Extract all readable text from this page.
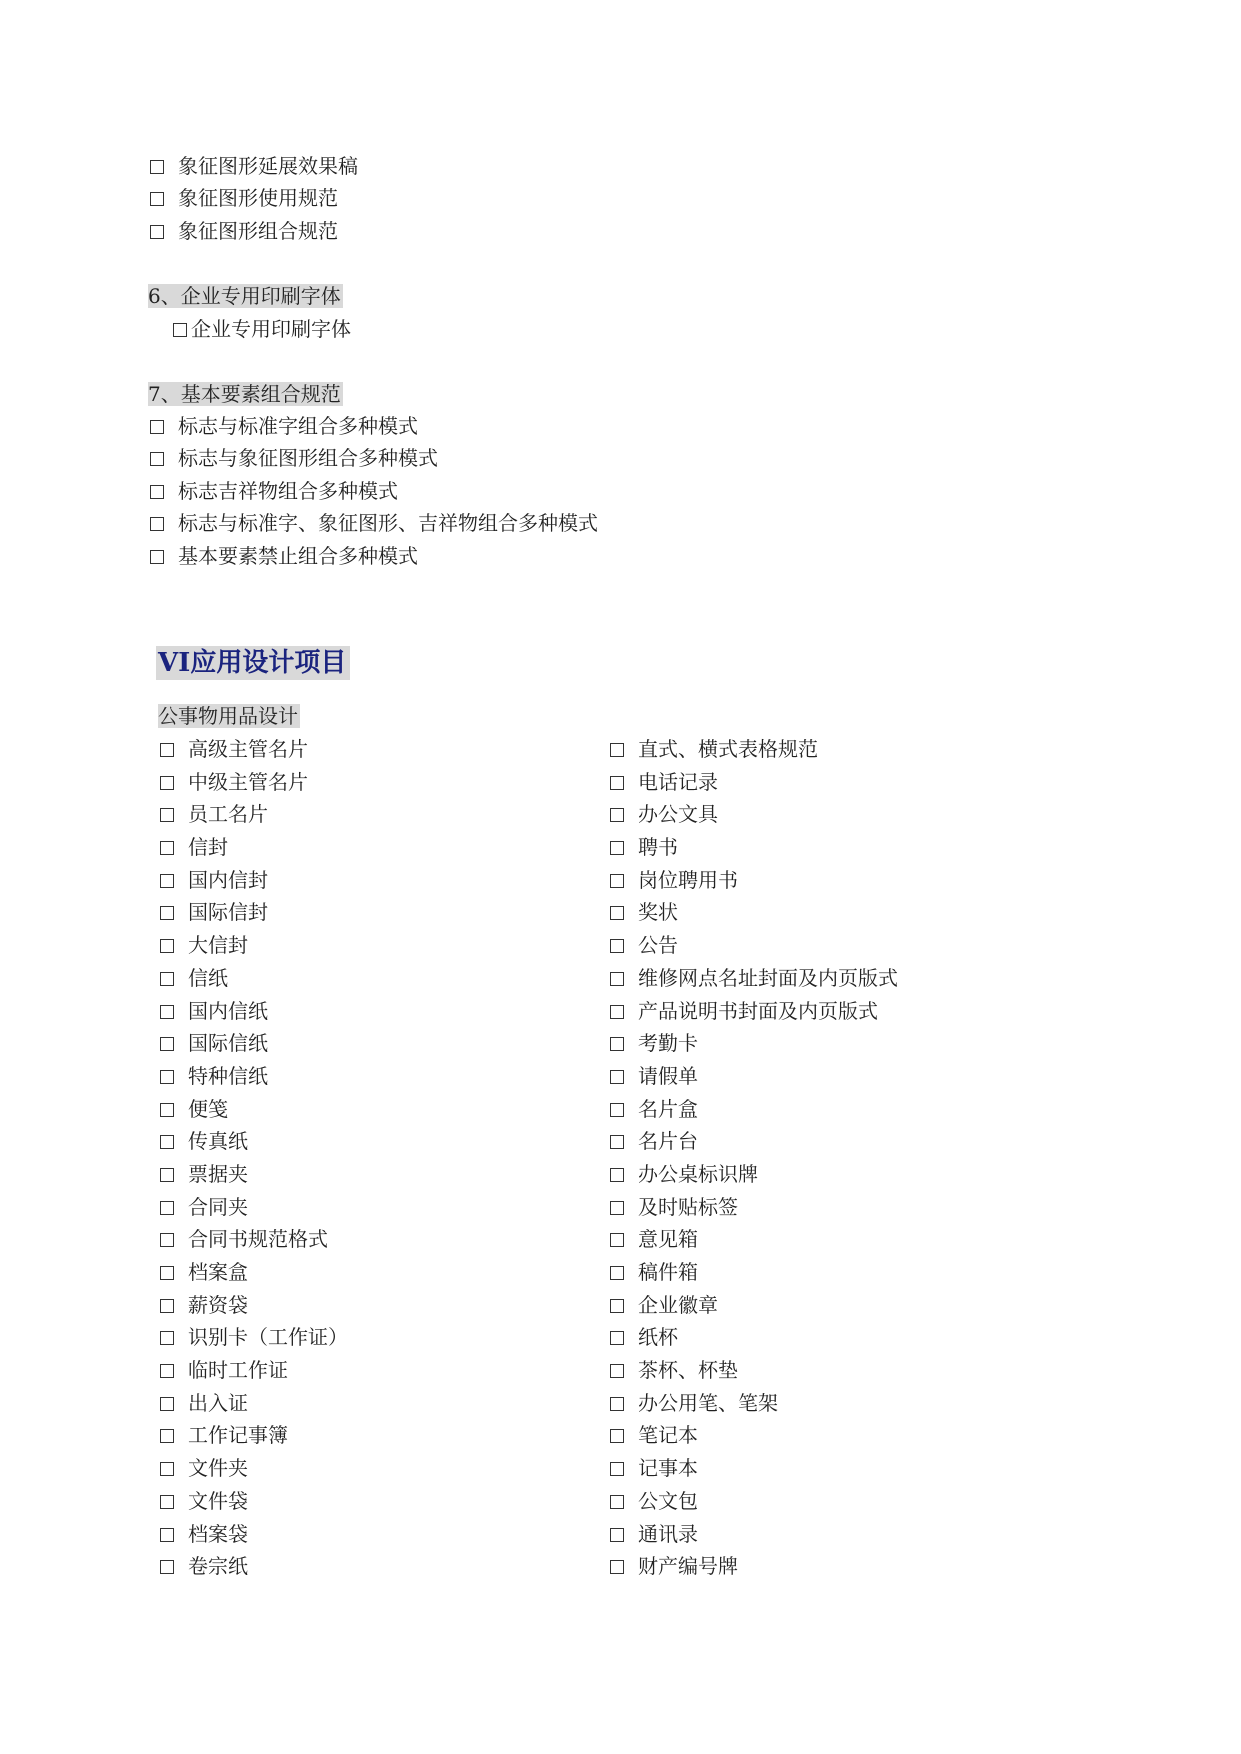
象征图形延展效果稿
象征图形使用规范
象征图形组合规范
6、企业专用印刷字体
企业专用印刷字体
7、基本要素组合规范
标志与标准字组合多种模式
标志与象征图形组合多种模式
标志吉祥物组合多种模式
标志与标准字、象征图形、吉祥物组合多种模式
基本要素禁止组合多种模式
VI应用设计项目
公事物用品设计
高级主管名片
中级主管名片
员工名片
信封
国内信封
国际信封
大信封
信纸
国内信纸
国际信纸
特种信纸
便笺
传真纸
票据夹
合同夹
合同书规范格式
档案盒
薪资袋
识别卡（工作证）
临时工作证
出入证
工作记事簿
文件夹
文件袋
档案袋
卷宗纸
直式、横式表格规范
电话记录
办公文具
聘书
岗位聘用书
奖状
公告
维修网点名址封面及内页版式
产品说明书封面及内页版式
考勤卡
请假单
名片盒
名片台
办公桌标识牌
及时贴标签
意见箱
稿件箱
企业徽章
纸杯
茶杯、杯垫
办公用笔、笔架
笔记本
记事本
公文包
通讯录
财产编号牌
